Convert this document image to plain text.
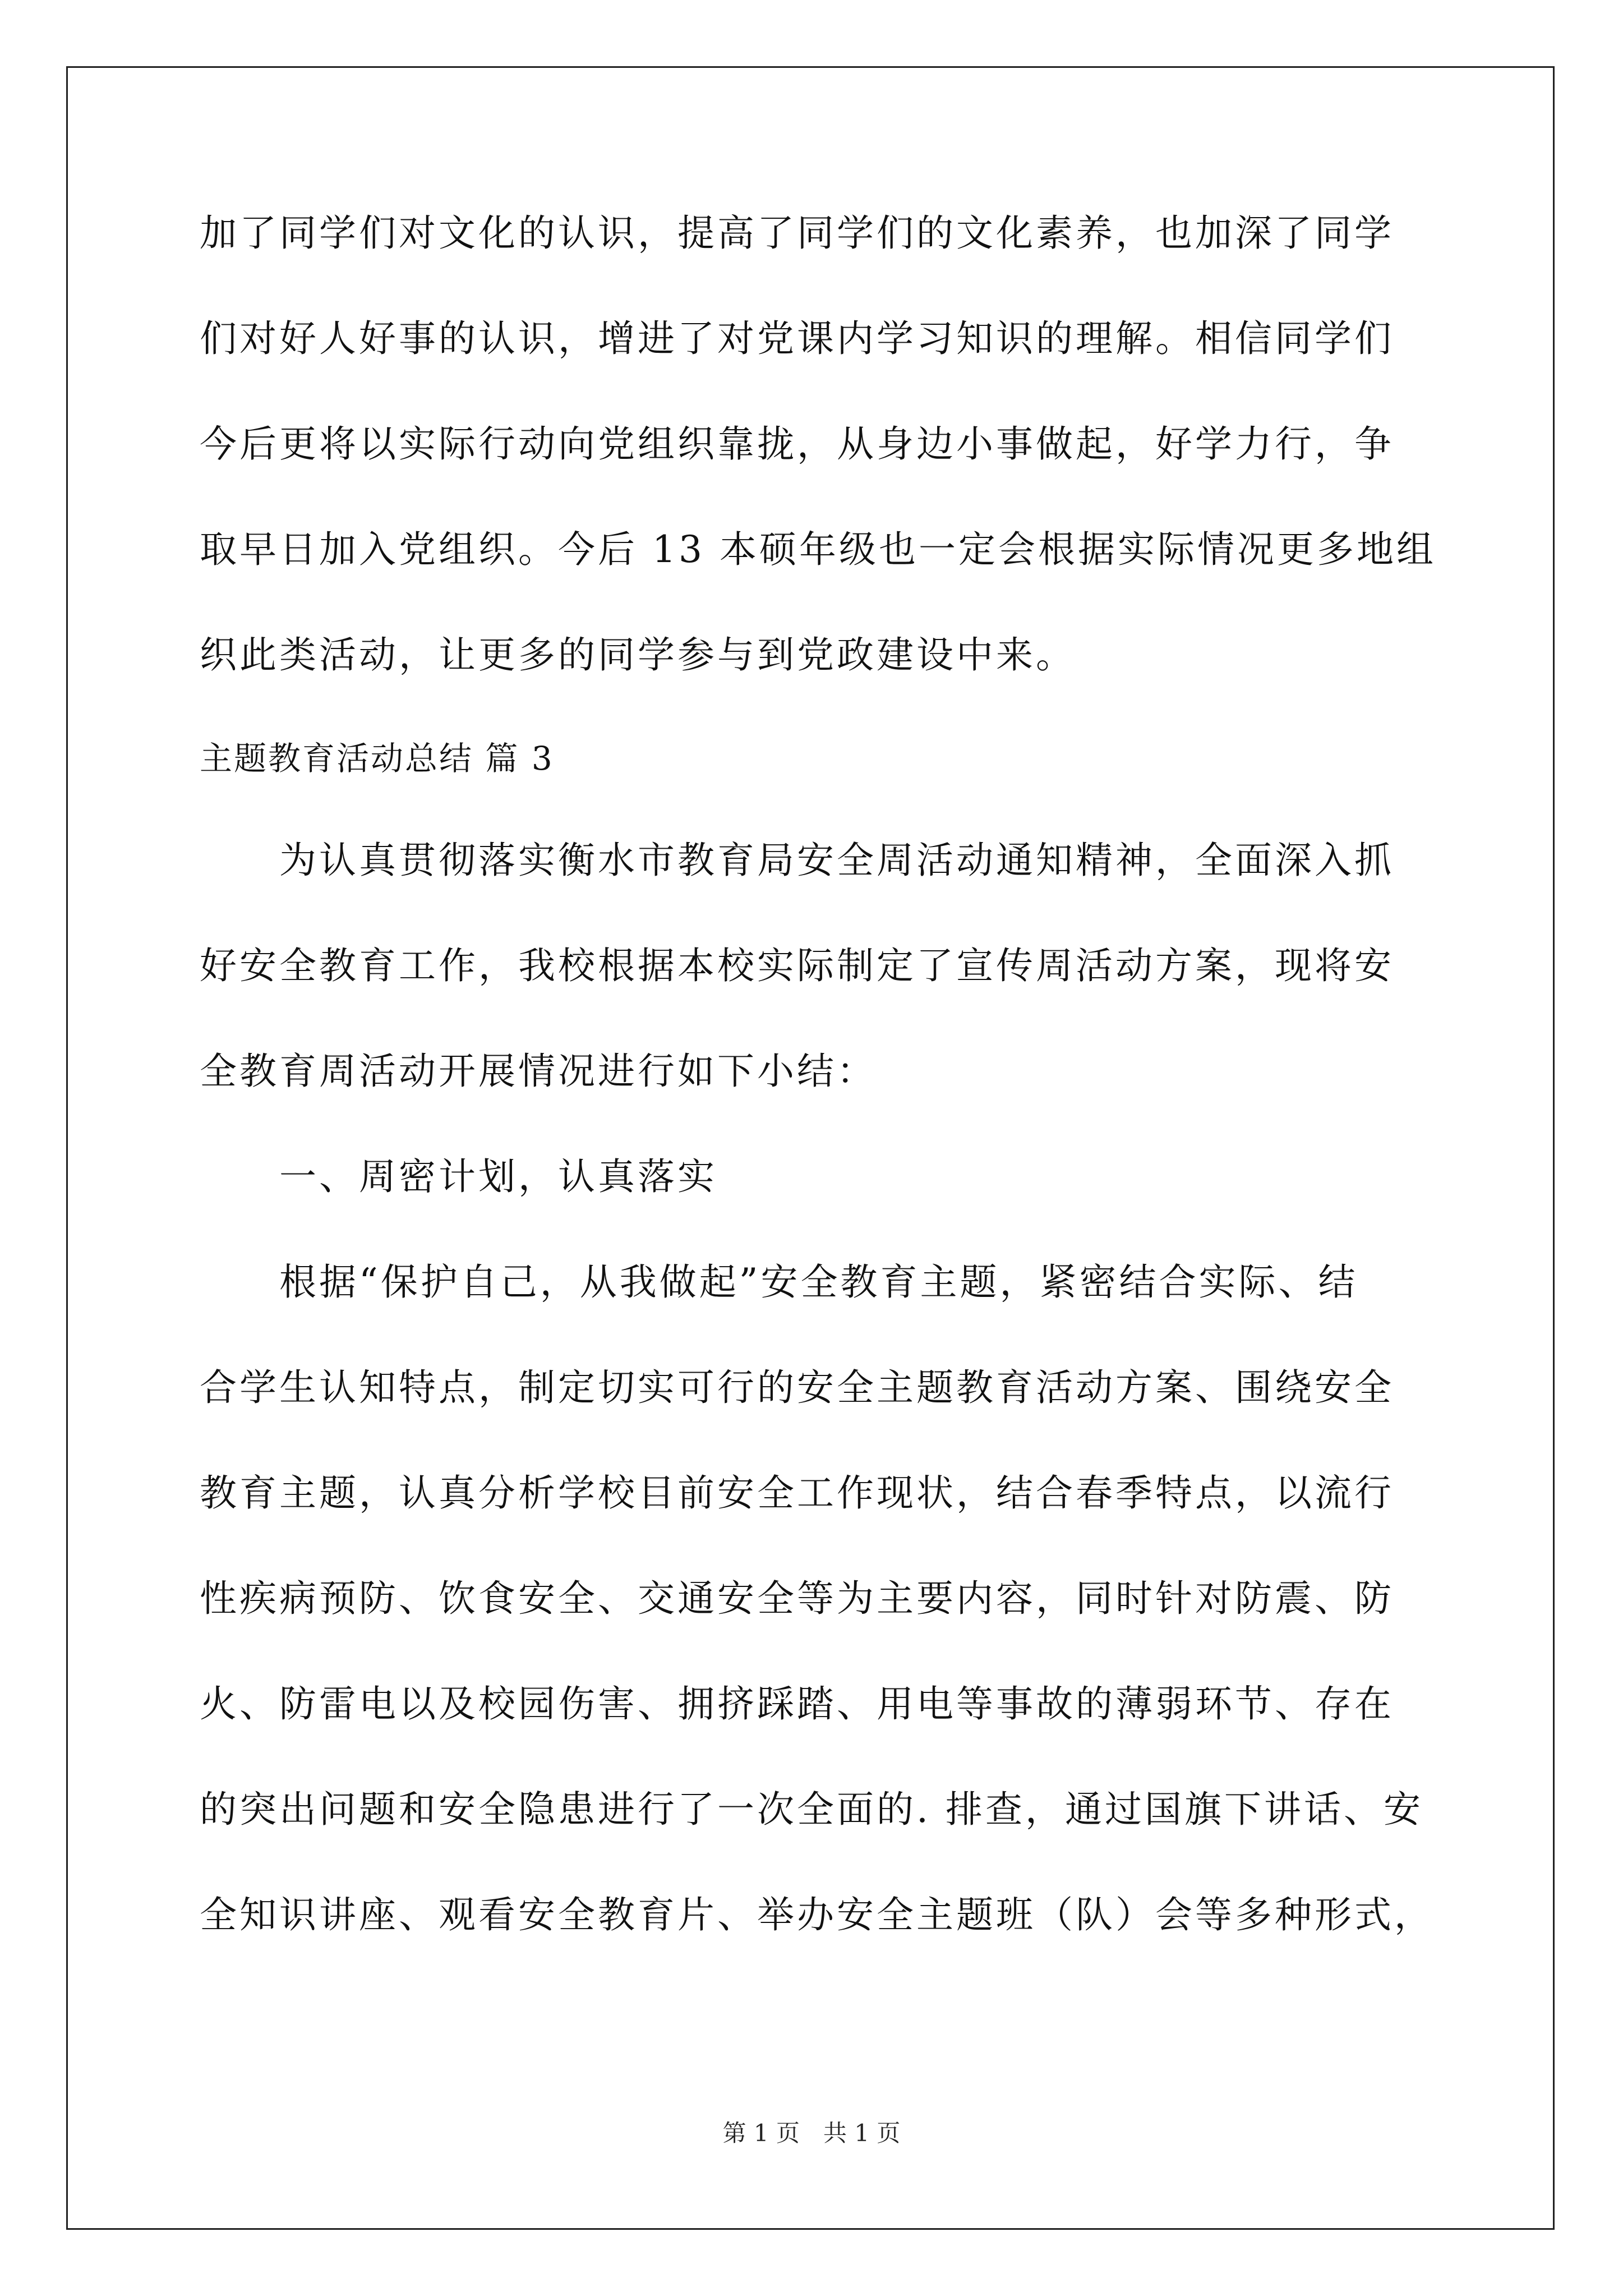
加了同学们对文化的认识，提高了同学们的文化素养，也加深了同学
们对好人好事的认识，增进了对党课内学习知识的理解。相信同学们
今后更将以实际行动向党组织靠拢，从身边小事做起，好学力行，争
取早日加入党组织。今后 13 本硕年级也一定会根据实际情况更多地组
织此类活动，让更多的同学参与到党政建设中来。
主题教育活动总结 篇 3
　　为认真贯彻落实衡水市教育局安全周活动通知精神，全面深入抓
好安全教育工作，我校根据本校实际制定了宣传周活动方案，现将安
全教育周活动开展情况进行如下小结：
　　一、周密计划，认真落实
　　根据“保护自己，从我做起”安全教育主题，紧密结合实际、结
合学生认知特点，制定切实可行的安全主题教育活动方案、围绕安全
教育主题，认真分析学校目前安全工作现状，结合春季特点，以流行
性疾病预防、饮食安全、交通安全等为主要内容，同时针对防震、防
火、防雷电以及校园伤害、拥挤踩踏、用电等事故的薄弱环节、存在
的突出问题和安全隐患进行了一次全面的. 排查，通过国旗下讲话、安
全知识讲座、观看安全教育片、举办安全主题班（队）会等多种形式，
第 1 页　共 1 页
